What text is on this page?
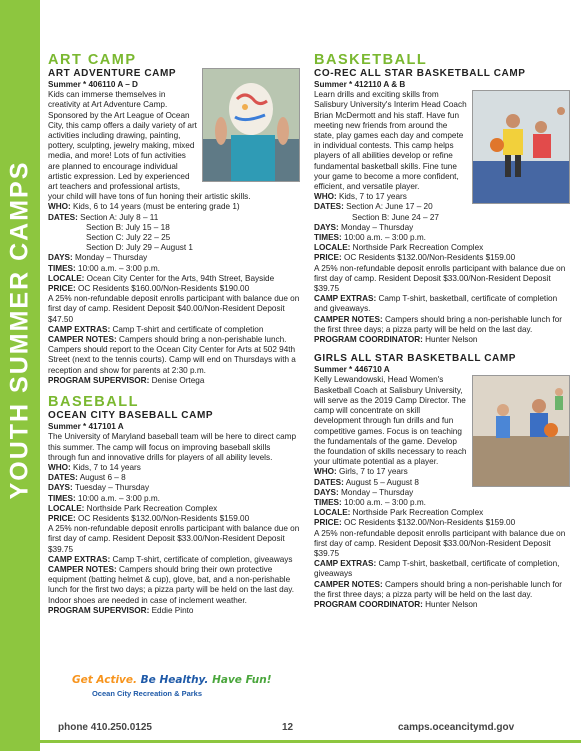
YOUTH SUMMER CAMPS
ART CAMP
ART ADVENTURE CAMP
Summer * 406110 A – D

Kids can immerse themselves in creativity at Art Adventure Camp. Sponsored by the Art League of Ocean City, this camp offers a daily variety of art activities including drawing, painting, pottery, sculpting, jewelry making, mixed media, and more! Lots of fun activities are planned to encourage individual artistic expression. Led by experienced art teachers and professional artists, your child will have tons of fun honing their artistic skills.

WHO: Kids, 6 to 14 years (must be entering grade 1)

DATES: Section A: July 8 – 11
Section B: July 15 – 18
Section C: July 22 – 25
Section D: July 29 – August 1

DAYS: Monday – Thursday

TIMES: 10:00 a.m. – 3:00 p.m.

LOCALE: Ocean City Center for the Arts, 94th Street, Bayside

PRICE: OC Residents $160.00/Non-Residents $190.00

A 25% non-refundable deposit enrolls participant with balance due on first day of camp. Resident Deposit $40.00/Non-Resident Deposit $47.50

CAMP EXTRAS: Camp T-shirt and certificate of completion

CAMPER NOTES: Campers should bring a non-perishable lunch. Campers should report to the Ocean City Center for Arts at 502 94th Street (next to the tennis courts). Camp will end on Thursdays with a reception and show for parents at 2:30 p.m.

PROGRAM SUPERVISOR: Denise Ortega

BASEBALL
OCEAN CITY BASEBALL CAMP
Summer * 417101 A

The University of Maryland baseball team will be here to direct camp this summer. The camp will focus on improving baseball skills through fun and innovative drills for players of all ability levels.

WHO: Kids, 7 to 14 years

DATES: August 6 – 8

DAYS: Tuesday – Thursday

TIMES: 10:00 a.m. – 3:00 p.m.

LOCALE: Northside Park Recreation Complex

PRICE: OC Residents $132.00/Non-Residents $159.00

A 25% non-refundable deposit enrolls participant with balance due on first day of camp. Resident Deposit $33.00/Non-Resident Deposit $39.75

CAMP EXTRAS: Camp T-shirt, certificate of completion, giveaways

CAMPER NOTES: Campers should bring their own protective equipment (batting helmet & cup), glove, bat, and a non-perishable lunch for the first two days; a pizza party will be held on the last day. Indoor shoes are needed in case of inclement weather.

PROGRAM SUPERVISOR: Eddie Pinto

BASKETBALL
CO-REC ALL STAR BASKETBALL CAMP
Summer * 412110 A & B

Learn drills and exciting skills from Salisbury University's Interim Head Coach Brian McDermott and his staff. Have fun meeting new friends from around the state, play games each day and compete in individual contests. This camp helps players of all abilities develop or refine fundamental basketball skills. Fine tune your game to become a more confident, efficient, and versatile player.

WHO: Kids, 7 to 17 years

DATES: Section A: June 17 – 20
Section B: June 24 – 27

DAYS: Monday – Thursday

TIMES: 10:00 a.m. – 3:00 p.m.

LOCALE: Northside Park Recreation Complex

PRICE: OC Residents $132.00/Non-Residents $159.00

A 25% non-refundable deposit enrolls participant with balance due on first day of camp. Resident Deposit $33.00/Non-Resident Deposit $39.75

CAMP EXTRAS: Camp T-shirt, basketball, certificate of completion and giveaways.

CAMPER NOTES: Campers should bring a non-perishable lunch for the first three days; a pizza party will be held on the last day.

PROGRAM COORDINATOR: Hunter Nelson

GIRLS ALL STAR BASKETBALL CAMP
Summer * 446710 A

Kelly Lewandowski, Head Women's Basketball Coach at Salisbury University, will serve as the 2019 Camp Director. The camp will concentrate on skill development through fun drills and fun competitive games. Focus is on teaching the fundamentals of the game. Develop the foundation of skills necessary to reach your ultimate potential as a player.

WHO: Girls, 7 to 17 years

DATES: August 5 – August 8

DAYS: Monday – Thursday

TIMES: 10:00 a.m. – 3:00 p.m.

LOCALE: Northside Park Recreation Complex

PRICE: OC Residents $132.00/Non-Residents $159.00

A 25% non-refundable deposit enrolls participant with balance due on first day of camp. Resident Deposit $33.00/Non-Resident Deposit $39.75

CAMP EXTRAS: Camp T-shirt, basketball, certificate of completion, giveaways

CAMPER NOTES: Campers should bring a non-perishable lunch for the first three days; a pizza party will be held on the last day.

PROGRAM COORDINATOR: Hunter Nelson

Get Active. Be Healthy. Have Fun!
Ocean City Recreation & Parks
phone 410.250.0125	12	camps.oceancitymd.gov
